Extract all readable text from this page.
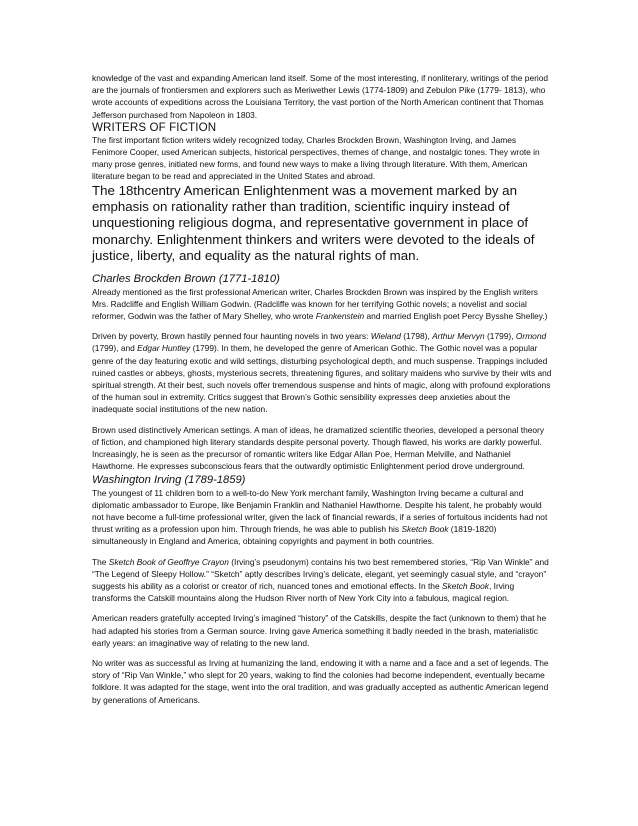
knowledge of the vast and expanding American land itself. Some of the most interesting, if nonliterary, writings of the period are the journals of frontiersmen and explorers such as Meriwether Lewis (1774-1809) and Zebulon Pike (1779- 1813), who wrote accounts of expeditions across the Louisiana Territory, the vast portion of the North American continent that Thomas Jefferson purchased from Napoleon in 1803.

WRITERS OF FICTION

The first important fiction writers widely recognized today, Charles Brockden Brown, Washington Irving, and James Fenimore Cooper, used American subjects, historical perspectives, themes of change, and nostalgic tones. They wrote in many prose genres, initiated new forms, and found new ways to make a living through literature. With them, American literature began to be read and appreciated in the United States and abroad.

The 18thcentry American Enlightenment was a movement marked by an emphasis on rationality rather than tradition, scientific inquiry instead of unquestioning religious dogma, and representative government in place of monarchy. Enlightenment thinkers and writers were devoted to the ideals of justice, liberty, and equality as the natural rights of man.
Charles Brockden Brown (1771-1810)

Already mentioned as the first professional American writer, Charles Brockden Brown was inspired by the English writers Mrs. Radcliffe and English William Godwin. (Radcliffe was known for her terrifying Gothic novels; a novelist and social reformer, Godwin was the father of Mary Shelley, who wrote Frankenstein and married English poet Percy Bysshe Shelley.)

Driven by poverty, Brown hastily penned four haunting novels in two years: Wieland (1798), Arthur Mervyn (1799), Ormond (1799), and Edgar Huntley (1799). In them, he developed the genre of American Gothic. The Gothic novel was a popular genre of the day featuring exotic and wild settings, disturbing psychological depth, and much suspense. Trappings included ruined castles or abbeys, ghosts, mysterious secrets, threatening figures, and solitary maidens who survive by their wits and spiritual strength. At their best, such novels offer tremendous suspense and hints of magic, along with profound explorations of the human soul in extremity. Critics suggest that Brown’s Gothic sensibility expresses deep anxieties about the inadequate social institutions of the new nation.

Brown used distinctively American settings. A man of ideas, he dramatized scientific theories, developed a personal theory of fiction, and championed high literary standards despite personal poverty. Though flawed, his works are darkly powerful. Increasingly, he is seen as the precursor of romantic writers like Edgar Allan Poe, Herman Melville, and Nathaniel Hawthorne. He expresses subconscious fears that the outwardly optimistic Enlightenment period drove underground.

Washington Irving (1789-1859)

The youngest of 11 children born to a well-to-do New York merchant family, Washington Irving became a cultural and diplomatic ambassador to Europe, like Benjamin Franklin and Nathaniel Hawthorne. Despite his talent, he probably would not have become a full-time professional writer, given the lack of financial rewards, if a series of fortuitous incidents had not thrust writing as a profession upon him. Through friends, he was able to publish his Sketch Book (1819-1820) simultaneously in England and America, obtaining copyrights and payment in both countries.

The Sketch Book of Geoffrye Crayon (Irving’s pseudonym) contains his two best remembered stories, “Rip Van Winkle” and “The Legend of Sleepy Hollow.” “Sketch” aptly describes Irving’s delicate, elegant, yet seemingly casual style, and “crayon” suggests his ability as a colorist or creator of rich, nuanced tones and emotional effects. In the Sketch Book, Irving transforms the Catskill mountains along the Hudson River north of New York City into a fabulous, magical region.

American readers gratefully accepted Irving’s imagined “history” of the Catskills, despite the fact (unknown to them) that he had adapted his stories from a German source. Irving gave America something it badly needed in the brash, materialistic early years: an imaginative way of relating to the new land.

No writer was as successful as Irving at humanizing the land, endowing it with a name and a face and a set of legends. The story of “Rip Van Winkle,” who slept for 20 years, waking to find the colonies had become independent, eventually became folklore. It was adapted for the stage, went into the oral tradition, and was gradually accepted as authentic American legend by generations of Americans.
